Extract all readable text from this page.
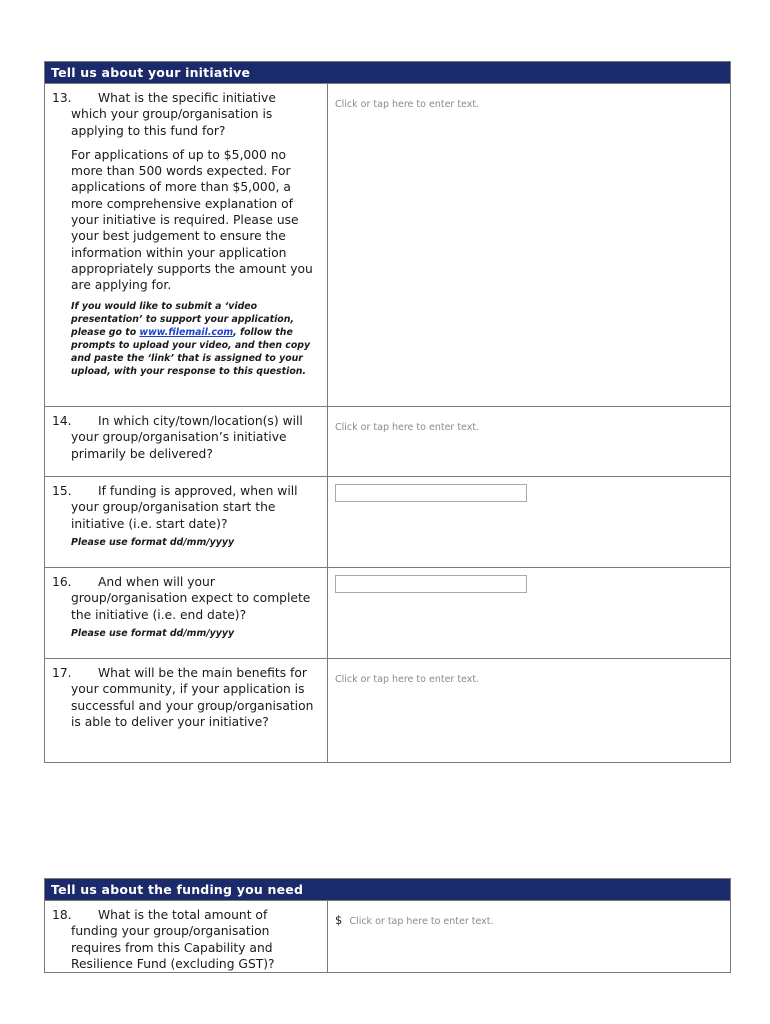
Tell us about your initiative
13.	What is the specific initiative
which your group/organisation is applying to this fund for?
For applications of up to $5,000 no more than 500 words expected. For applications of more than $5,000, a more comprehensive explanation of your initiative is required. Please use your best judgement to ensure the information within your application appropriately supports the amount you are applying for.
If you would like to submit a ‘video presentation’ to support your application, please go to www.filemail.com, follow the prompts to upload your video, and then copy and paste the ‘link’ that is assigned to your upload, with your response to this question.
Click or tap here to enter text.
14.	In which city/town/location(s) will
your group/organisation’s initiative primarily be delivered?
Click or tap here to enter text.
15.	If funding is approved, when will
your group/organisation start the initiative (i.e. start date)?
Please use format dd/mm/yyyy
16.	And when will your
group/organisation expect to complete the initiative (i.e. end date)?
Please use format dd/mm/yyyy
17.	What will be the main benefits for
your community, if your application is successful and your group/organisation is able to deliver your initiative?
Click or tap here to enter text.
Tell us about the funding you need
18.	What is the total amount of
funding your group/organisation requires from this Capability and Resilience Fund (excluding GST)?
$ Click or tap here to enter text.
